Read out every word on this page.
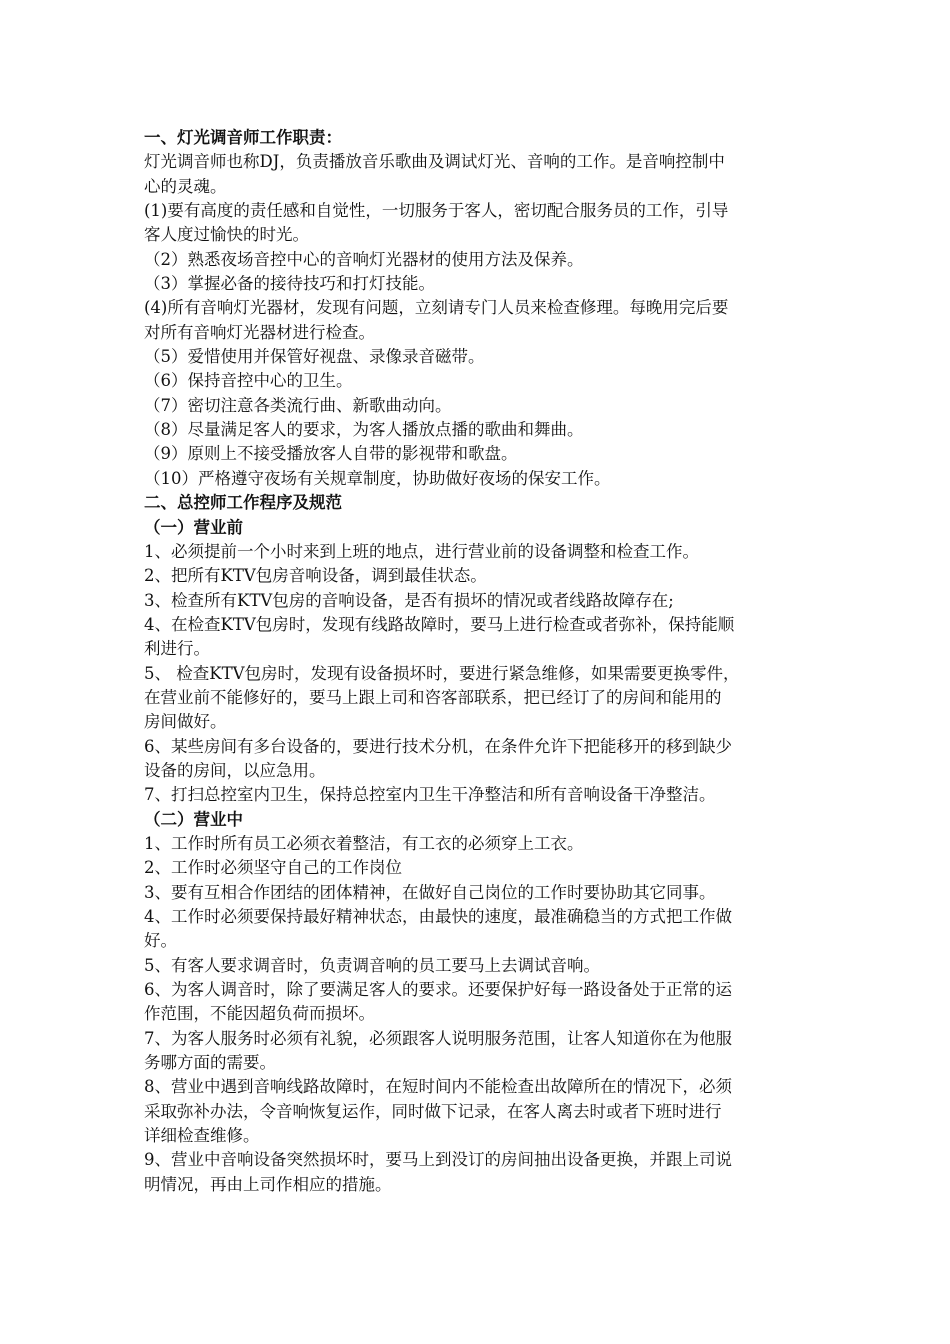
一、灯光调音师工作职责：
灯光调音师也称DJ，负责播放音乐歌曲及调试灯光、音响的工作。是音响控制中
心的灵魂。
(1)要有高度的责任感和自觉性，一切服务于客人，密切配合服务员的工作，引导
客人度过愉快的时光。
（2）熟悉夜场音控中心的音响灯光器材的使用方法及保养。
（3）掌握必备的接待技巧和打灯技能。
(4)所有音响灯光器材，发现有问题，立刻请专门人员来检查修理。每晚用完后要
对所有音响灯光器材进行检查。
（5）爱惜使用并保管好视盘、录像录音磁带。
（6）保持音控中心的卫生。
（7）密切注意各类流行曲、新歌曲动向。
（8）尽量满足客人的要求，为客人播放点播的歌曲和舞曲。
（9）原则上不接受播放客人自带的影视带和歌盘。
（10）严格遵守夜场有关规章制度，协助做好夜场的保安工作。
二、总控师工作程序及规范
（一）营业前
1、必须提前一个小时来到上班的地点，进行营业前的设备调整和检查工作。
2、把所有KTV包房音响设备，调到最佳状态。
3、检查所有KTV包房的音响设备，是否有损坏的情况或者线路故障存在;
4、在检查KTV包房时，发现有线路故障时，要马上进行检查或者弥补，保持能顺
利进行。
5、 检查KTV包房时，发现有设备损坏时，要进行紧急维修，如果需要更换零件，
在营业前不能修好的，要马上跟上司和咨客部联系，把已经订了的房间和能用的
房间做好。
6、某些房间有多台设备的，要进行技术分机，在条件允许下把能移开的移到缺少
设备的房间，以应急用。
7、打扫总控室内卫生，保持总控室内卫生干净整洁和所有音响设备干净整洁。
（二）营业中
1、工作时所有员工必须衣着整洁，有工衣的必须穿上工衣。
2、工作时必须坚守自己的工作岗位
3、要有互相合作团结的团体精神，在做好自己岗位的工作时要协助其它同事。
4、工作时必须要保持最好精神状态，由最快的速度，最准确稳当的方式把工作做
好。
5、有客人要求调音时，负责调音响的员工要马上去调试音响。
6、为客人调音时，除了要满足客人的要求。还要保护好每一路设备处于正常的运
作范围，不能因超负荷而损坏。
7、为客人服务时必须有礼貌，必须跟客人说明服务范围，让客人知道你在为他服
务哪方面的需要。
8、营业中遇到音响线路故障时，在短时间内不能检查出故障所在的情况下，必须
采取弥补办法，令音响恢复运作，同时做下记录，在客人离去时或者下班时进行
详细检查维修。
9、营业中音响设备突然损坏时，要马上到没订的房间抽出设备更换，并跟上司说
明情况，再由上司作相应的措施。
